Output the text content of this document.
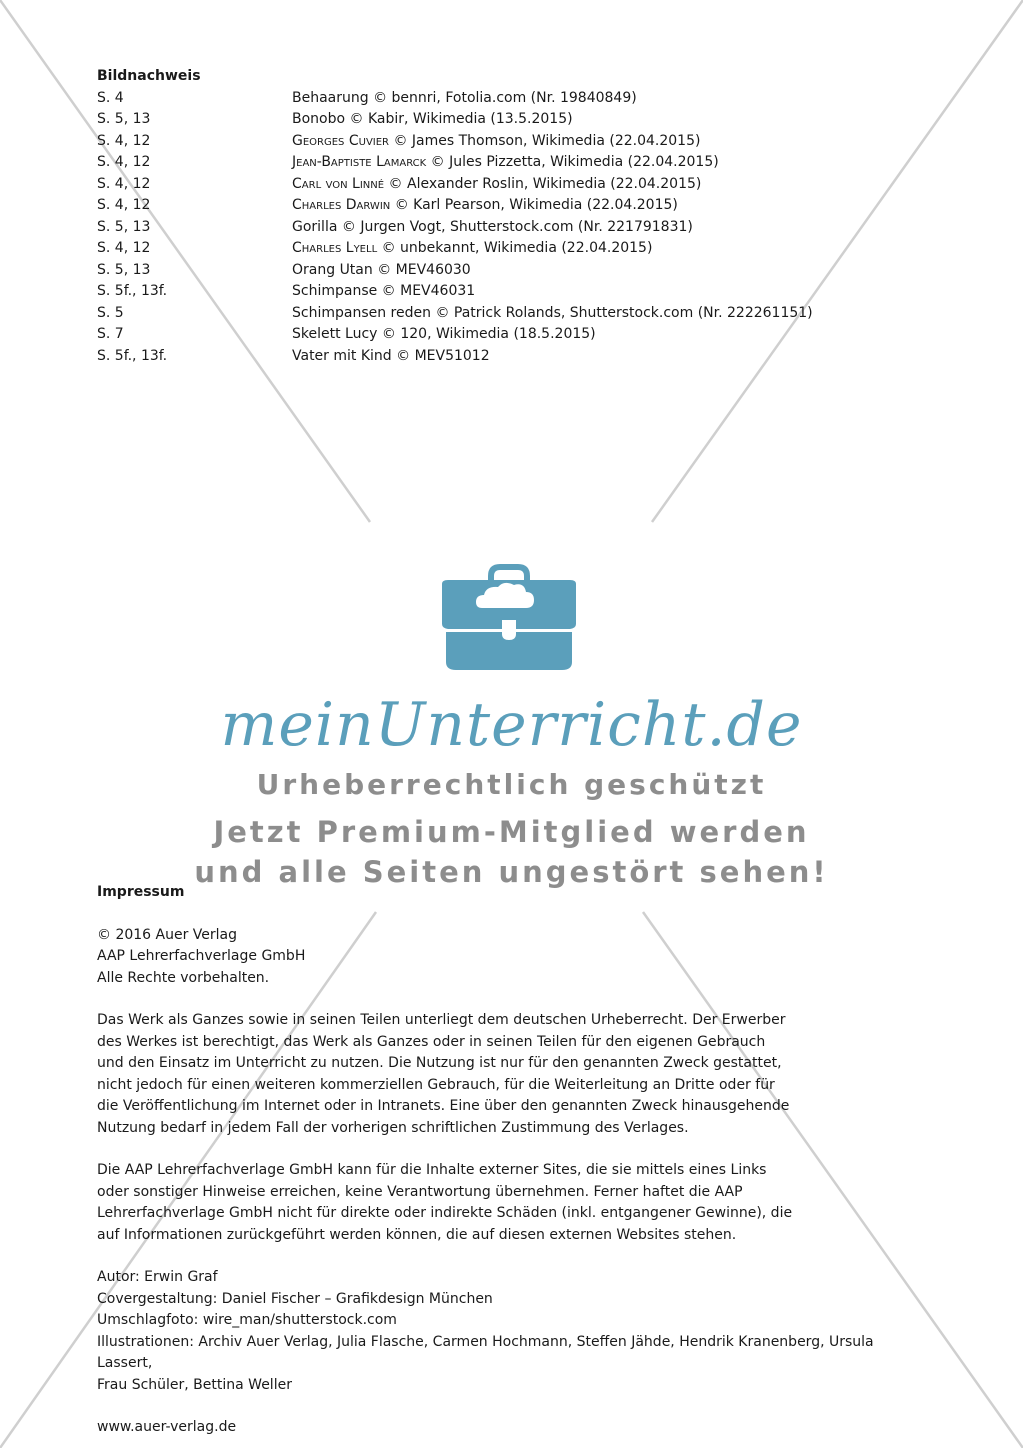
Bildnachweis
S. 4	Behaarung © bennri, Fotolia.com (Nr. 19840849)
S. 5, 13	Bonobo © Kabir, Wikimedia (13.5.2015)
S. 4, 12	Georges Cuvier © James Thomson, Wikimedia (22.04.2015)
S. 4, 12	Jean-Baptiste Lamarck © Jules Pizzetta, Wikimedia (22.04.2015)
S. 4, 12	Carl von Linné © Alexander Roslin, Wikimedia (22.04.2015)
S. 4, 12	Charles Darwin © Karl Pearson, Wikimedia (22.04.2015)
S. 5, 13	Gorilla © Jurgen Vogt, Shutterstock.com (Nr. 221791831)
S. 4, 12	Charles Lyell © unbekannt, Wikimedia (22.04.2015)
S. 5, 13	Orang Utan © MEV46030
S. 5f., 13f.	Schimpanse © MEV46031
S. 5	Schimpansen reden © Patrick Rolands, Shutterstock.com (Nr. 222261151)
S. 7	Skelett Lucy © 120, Wikimedia (18.5.2015)
S. 5f., 13f.	Vater mit Kind © MEV51012
meinUnterricht.de
Urheberrechtlich geschützt
Jetzt Premium-Mitglied werden
und alle Seiten ungestört sehen!
Impressum

© 2016 Auer Verlag

AAP Lehrerfachverlage GmbH

Alle Rechte vorbehalten.

Das Werk als Ganzes sowie in seinen Teilen unterliegt dem deutschen Urheberrecht. Der Erwerber

des Werkes ist berechtigt, das Werk als Ganzes oder in seinen Teilen für den eigenen Gebrauch

und den Einsatz im Unterricht zu nutzen. Die Nutzung ist nur für den genannten Zweck gestattet,

nicht jedoch für einen weiteren kommerziellen Gebrauch, für die Weiterleitung an Dritte oder für

die Veröffentlichung im Internet oder in Intranets. Eine über den genannten Zweck hinausgehende

Nutzung bedarf in jedem Fall der vorherigen schriftlichen Zustimmung des Verlages.

Die AAP Lehrerfachverlage GmbH kann für die Inhalte externer Sites, die sie mittels eines Links

oder sonstiger Hinweise erreichen, keine Verantwortung übernehmen. Ferner haftet die AAP

Lehrerfachverlage GmbH nicht für direkte oder indirekte Schäden (inkl. entgangener Gewinne), die

auf Informationen zurückgeführt werden können, die auf diesen externen Websites stehen.

Autor: Erwin Graf

Covergestaltung: Daniel Fischer – Grafikdesign München

Umschlagfoto: wire_man/shutterstock.com

Illustrationen: Archiv Auer Verlag, Julia Flasche, Carmen Hochmann, Steffen Jähde, Hendrik Kranenberg, Ursula Lassert,

Frau Schüler, Bettina Weller

www.auer-verlag.de
